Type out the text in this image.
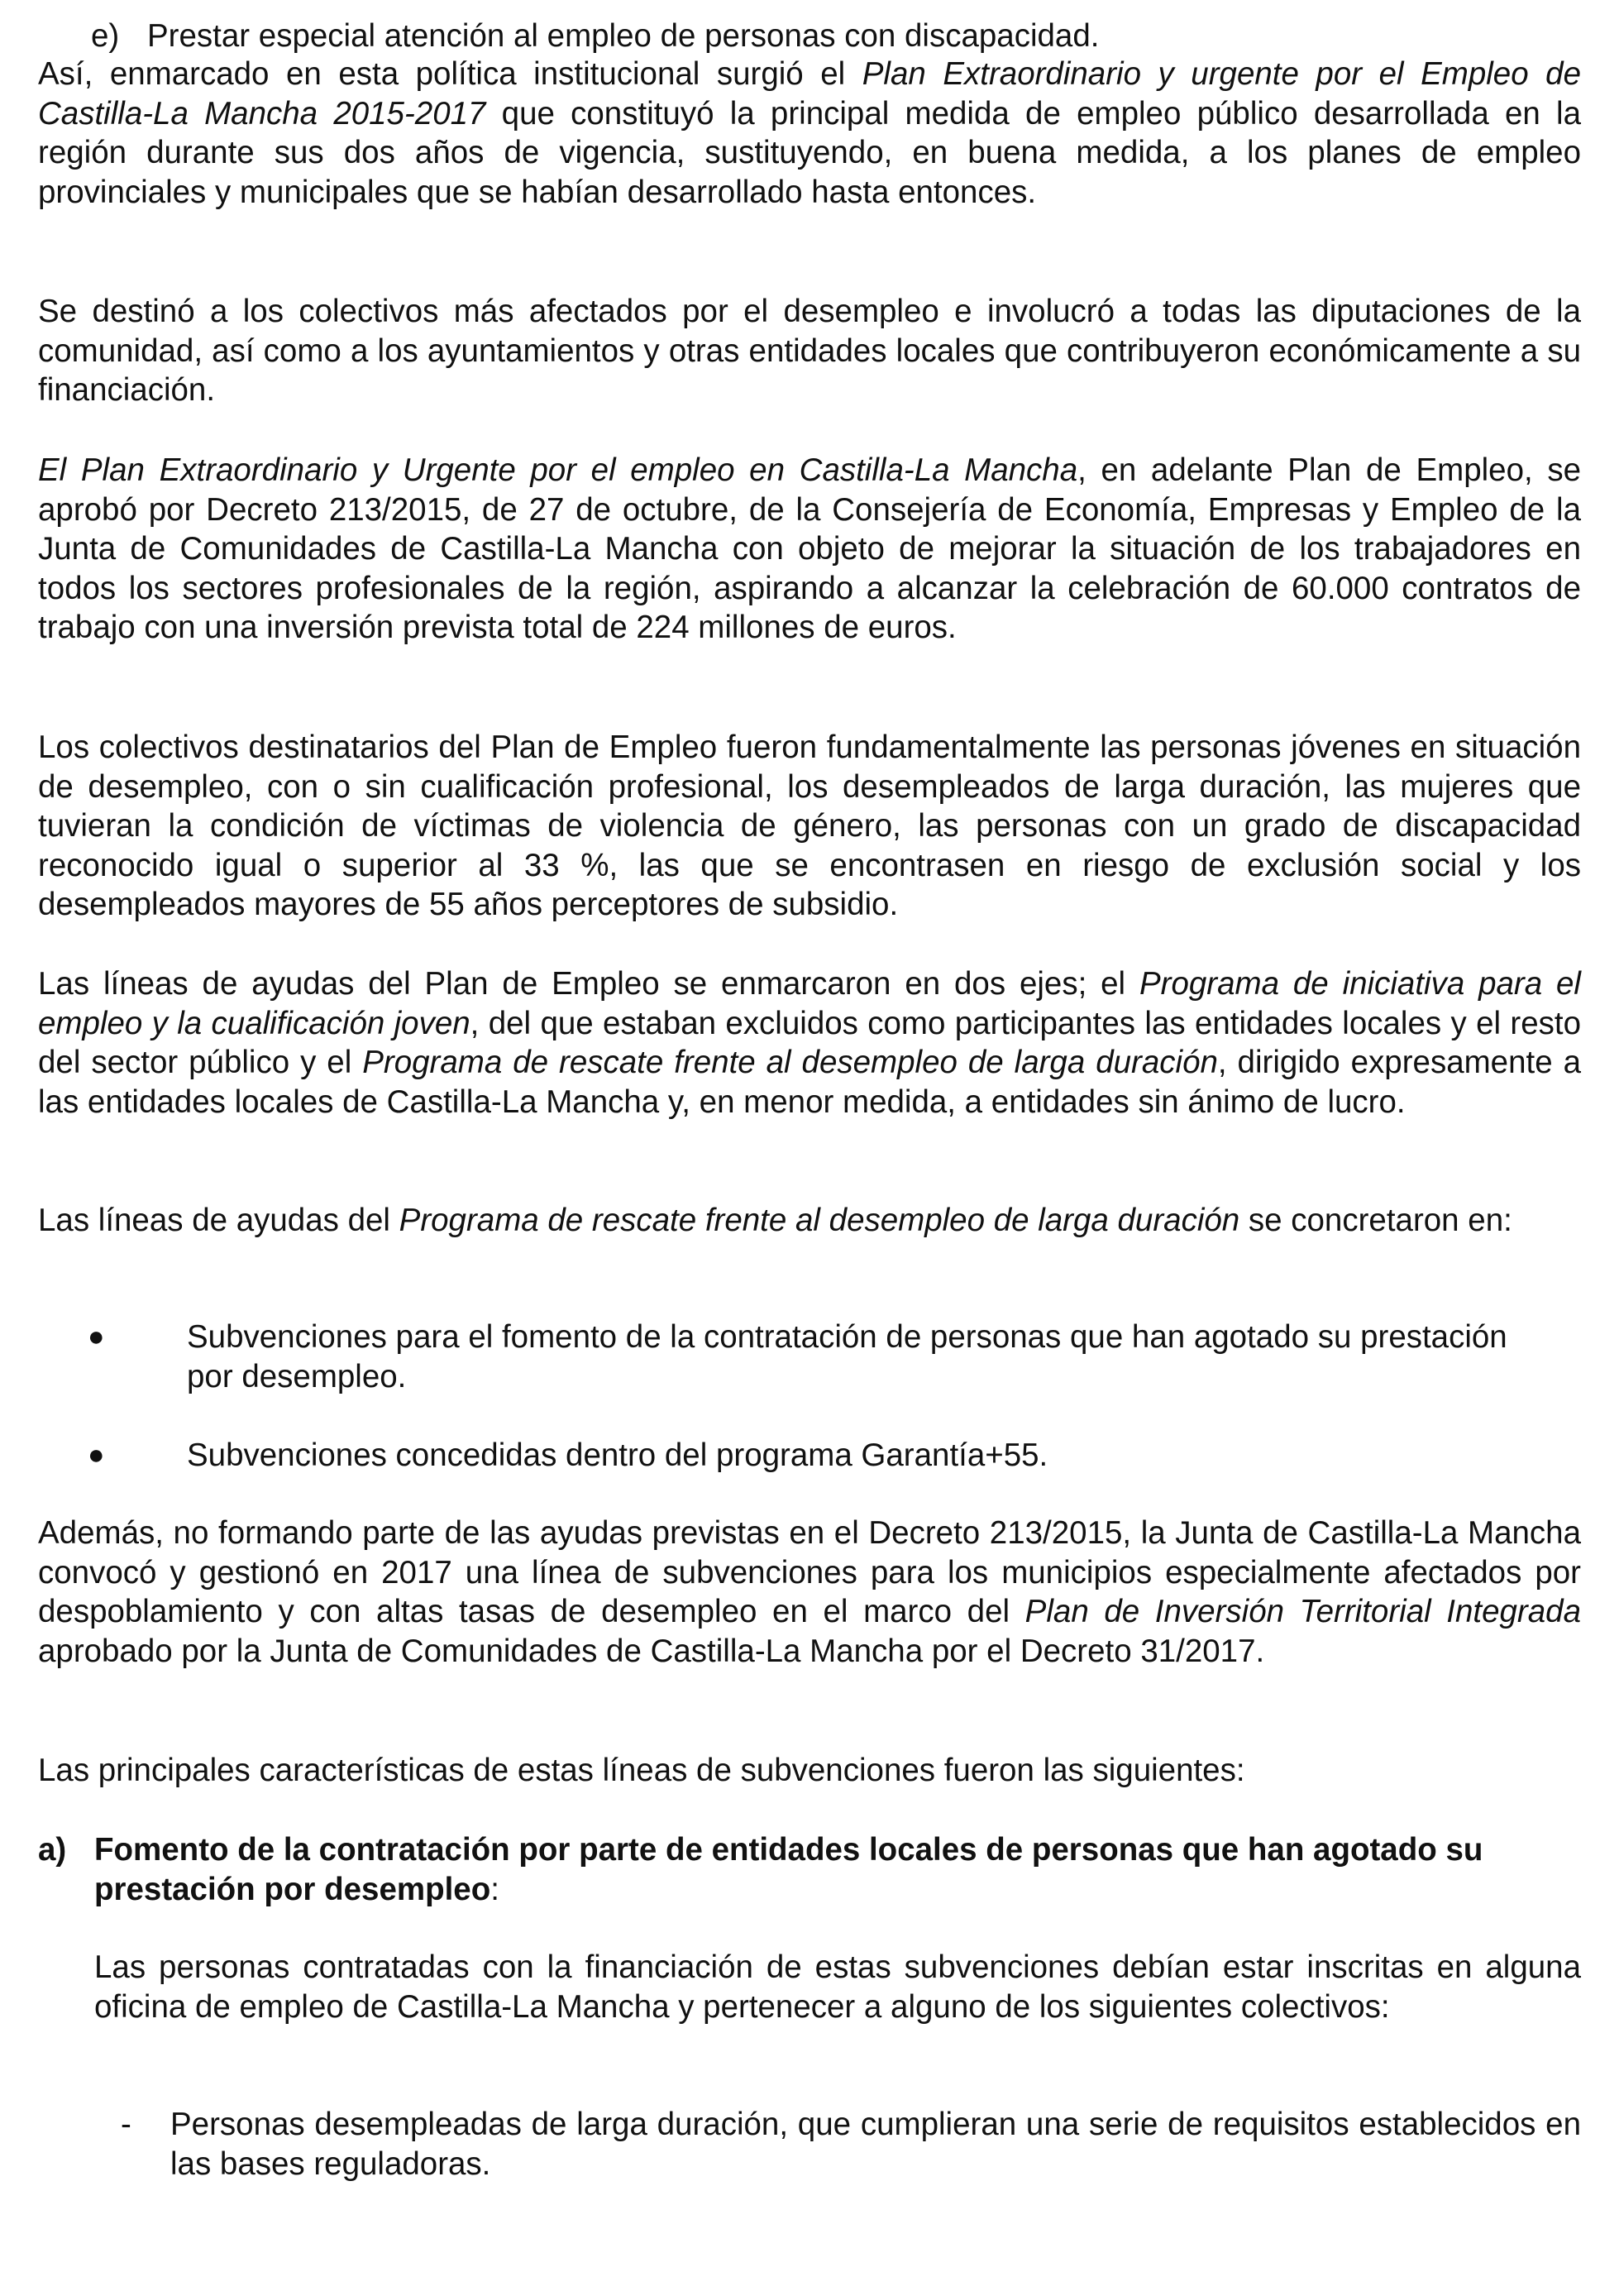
e) Prestar especial atención al empleo de personas con discapacidad.

Así, enmarcado en esta política institucional surgió el Plan Extraordinario y urgente por el Empleo de Castilla-La Mancha 2015-2017 que constituyó la principal medida de empleo público desarrollada en la región durante sus dos años de vigencia, sustituyendo, en buena medida, a los planes de empleo provinciales y municipales que se habían desarrollado hasta entonces.

Se destinó a los colectivos más afectados por el desempleo e involucró a todas las diputaciones de la comunidad, así como a los ayuntamientos y otras entidades locales que contribuyeron económicamente a su financiación.

El Plan Extraordinario y Urgente por el empleo en Castilla-La Mancha, en adelante Plan de Empleo, se aprobó por Decreto 213/2015, de 27 de octubre, de la Consejería de Economía, Empresas y Empleo de la Junta de Comunidades de Castilla-La Mancha con objeto de mejorar la situación de los trabajadores en todos los sectores profesionales de la región, aspirando a alcanzar la celebración de 60.000 contratos de trabajo con una inversión prevista total de 224 millones de euros.

Los colectivos destinatarios del Plan de Empleo fueron fundamentalmente las personas jóvenes en situación de desempleo, con o sin cualificación profesional, los desempleados de larga duración, las mujeres que tuvieran la condición de víctimas de violencia de género, las personas con un grado de discapacidad reconocido igual o superior al 33 %, las que se encontrasen en riesgo de exclusión social y los desempleados mayores de 55 años perceptores de subsidio.

Las líneas de ayudas del Plan de Empleo se enmarcaron en dos ejes; el Programa de iniciativa para el empleo y la cualificación joven, del que estaban excluidos como participantes las entidades locales y el resto del sector público y el Programa de rescate frente al desempleo de larga duración, dirigido expresamente a las entidades locales de Castilla-La Mancha y, en menor medida, a entidades sin ánimo de lucro.

Las líneas de ayudas del Programa de rescate frente al desempleo de larga duración se concretaron en:

●	Subvenciones para el fomento de la contratación de personas que han agotado su prestación por desempleo.
●	Subvenciones concedidas dentro del programa Garantía+55.

Además, no formando parte de las ayudas previstas en el Decreto 213/2015, la Junta de Castilla-La Mancha convocó y gestionó en 2017 una línea de subvenciones para los municipios especialmente afectados por despoblamiento y con altas tasas de desempleo en el marco del Plan de Inversión Territorial Integrada aprobado por la Junta de Comunidades de Castilla-La Mancha por el Decreto 31/2017.

Las principales características de estas líneas de subvenciones fueron las siguientes:

a) Fomento de la contratación por parte de entidades locales de personas que han agotado su prestación por desempleo:

Las personas contratadas con la financiación de estas subvenciones debían estar inscritas en alguna oficina de empleo de Castilla-La Mancha y pertenecer a alguno de los siguientes colectivos:

- Personas desempleadas de larga duración, que cumplieran una serie de requisitos establecidos en las bases reguladoras.
